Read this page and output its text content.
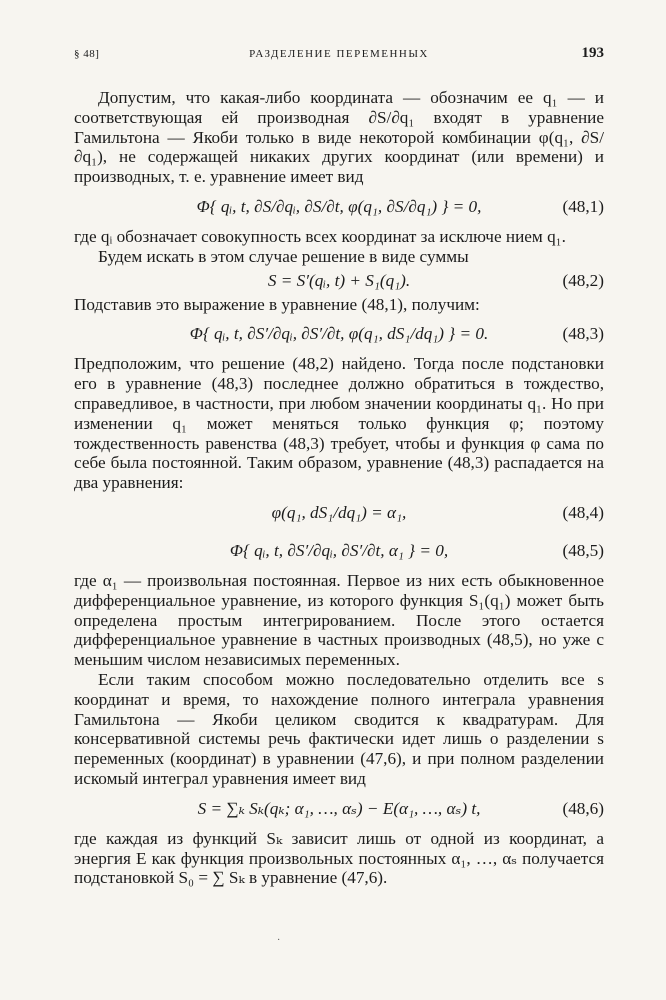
§ 48]	РАЗДЕЛЕНИЕ ПЕРЕМЕННЫХ	193

Допустим, что какая-либо координата — обозначим ее q₁ — и соответствующая ей производная ∂S/∂q₁ входят в уравнение Гамильтона — Якоби только в виде некоторой комбинации φ(q₁, ∂S/∂q₁), не содержащей никаких других координат (или времени) и производных, т. е. уравнение имеет вид

Φ{ qᵢ, t, ∂S/∂qᵢ, ∂S/∂t, φ(q₁, ∂S/∂q₁) } = 0,	(48,1)

где qᵢ обозначает совокупность всех координат за исключе нием q₁.

Будем искать в этом случае решение в виде суммы

S = S′(qᵢ, t) + S₁(q₁).	(48,2)

Подставив это выражение в уравнение (48,1), получим:

Φ{ qᵢ, t, ∂S′/∂qᵢ, ∂S′/∂t, φ(q₁, dS₁/dq₁) } = 0.	(48,3)

Предположим, что решение (48,2) найдено. Тогда после подстановки его в уравнение (48,3) последнее должно обратиться в тождество, справедливое, в частности, при любом значении координаты q₁. Но при изменении q₁ может меняться только функция φ; поэтому тождественность равенства (48,3) требует, чтобы и функция φ сама по себе была постоянной. Таким образом, уравнение (48,3) распадается на два уравнения:

φ(q₁, dS₁/dq₁) = α₁,	(48,4)
Φ{ qᵢ, t, ∂S′/∂qᵢ, ∂S′/∂t, α₁ } = 0,	(48,5)

где α₁ — произвольная постоянная. Первое из них есть обыкновенное дифференциальное уравнение, из которого функция S₁(q₁) может быть определена простым интегрированием. После этого остается дифференциальное уравнение в частных производных (48,5), но уже с меньшим числом независимых переменных.

Если таким способом можно последовательно отделить все s координат и время, то нахождение полного интеграла уравнения Гамильтона — Якоби целиком сводится к квадратурам. Для консервативной системы речь фактически идет лишь о разделении s переменных (координат) в уравнении (47,6), и при полном разделении искомый интеграл уравнения имеет вид

S = ∑ₖ Sₖ(qₖ; α₁, …, αₛ) − E(α₁, …, αₛ) t,	(48,6)

где каждая из функций Sₖ зависит лишь от одной из координат, а энергия E как функция произвольных постоянных α₁, …, αₛ получается подстановкой S₀ = ∑ Sₖ в уравнение (47,6).

·
